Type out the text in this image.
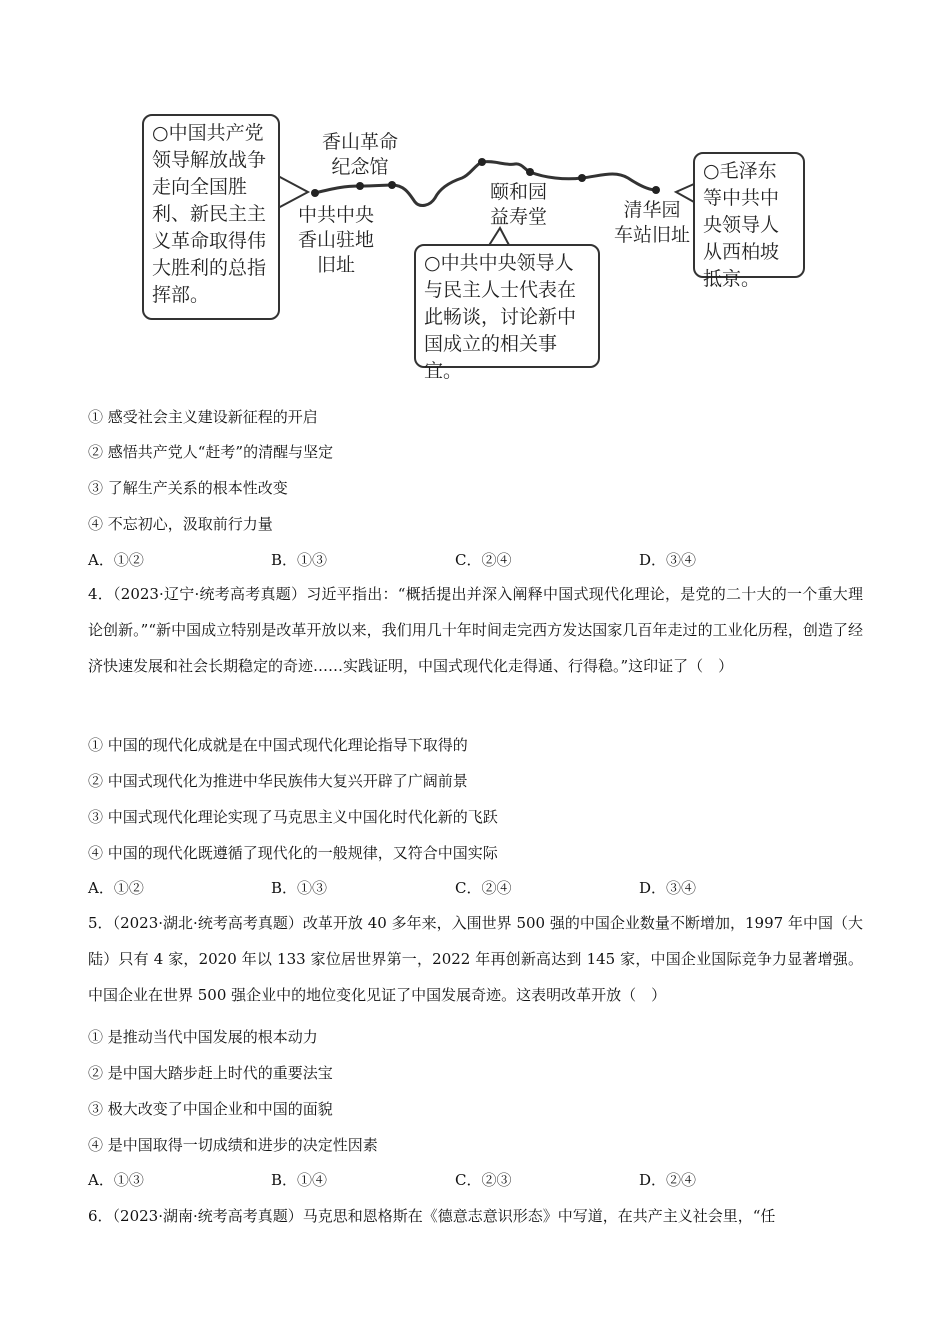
○中国共产党领导解放战争走向全国胜利、新民主主义革命取得伟大胜利的总指挥部。
○中共中央领导人与民主人士代表在此畅谈，讨论新中国成立的相关事宜。
○毛泽东等中共中央领导人从西柏坡抵京。
香山革命
纪念馆
中共中央
香山驻地
旧址
颐和园
益寿堂	清华园
车站旧址
① 感受社会主义建设新征程的开启
② 感悟共产党人“赶考”的清醒与坚定
③ 了解生产关系的根本性改变
④ 不忘初心，汲取前行力量
A．①②	B．①③	C．②④	D．③④
4．（2023·辽宁·统考高考真题）习近平指出：“概括提出并深入阐释中国式现代化理论，是党的二十大的一个重大理论创新。”“新中国成立特别是改革开放以来，我们用几十年时间走完西方发达国家几百年走过的工业化历程，创造了经济快速发展和社会长期稳定的奇迹……实践证明，中国式现代化走得通、行得稳。”这印证了（　）
① 中国的现代化成就是在中国式现代化理论指导下取得的
② 中国式现代化为推进中华民族伟大复兴开辟了广阔前景
③ 中国式现代化理论实现了马克思主义中国化时代化新的飞跃
④ 中国的现代化既遵循了现代化的一般规律，又符合中国实际
A．①②	B．①③	C．②④	D．③④
5．（2023·湖北·统考高考真题）改革开放 40 多年来，入围世界 500 强的中国企业数量不断增加，1997 年中国（大陆）只有 4 家，2020 年以 133 家位居世界第一，2022 年再创新高达到 145 家，中国企业国际竞争力显著增强。中国企业在世界 500 强企业中的地位变化见证了中国发展奇迹。这表明改革开放（　）
① 是推动当代中国发展的根本动力
② 是中国大踏步赶上时代的重要法宝
③ 极大改变了中国企业和中国的面貌
④ 是中国取得一切成绩和进步的决定性因素
A．①③	B．①④	C．②③	D．②④
6．（2023·湖南·统考高考真题）马克思和恩格斯在《德意志意识形态》中写道，在共产主义社会里，“任
